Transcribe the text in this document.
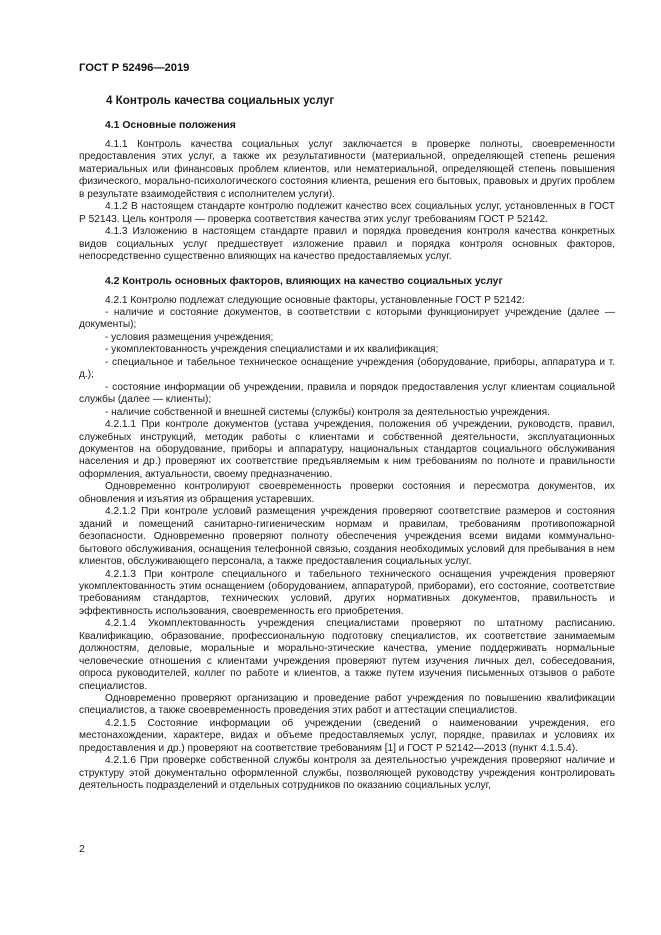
ГОСТ Р 52496—2019
4 Контроль качества социальных услуг
4.1 Основные положения

4.1.1 Контроль качества социальных услуг заключается в проверке полноты, своевременности предоставления этих услуг, а также их результативности (материальной, определяющей степень решения материальных или финансовых проблем клиентов, или нематериальной, определяющей степень повышения физического, морально-психологического состояния клиента, решения его бытовых, правовых и других проблем в результате взаимодействия с исполнителем услуги).

4.1.2 В настоящем стандарте контролю подлежит качество всех социальных услуг, установленных в ГОСТ Р 52143. Цель контроля — проверка соответствия качества этих услуг требованиям ГОСТ Р 52142.

4.1.3 Изложению в настоящем стандарте правил и порядка проведения контроля качества конкретных видов социальных услуг предшествует изложение правил и порядка контроля основных факторов, непосредственно существенно влияющих на качество предоставляемых услуг.

4.2 Контроль основных факторов, влияющих на качество социальных услуг

4.2.1 Контролю подлежат следующие основные факторы, установленные ГОСТ Р 52142:

- наличие и состояние документов, в соответствии с которыми функционирует учреждение (далее — документы);

- условия размещения учреждения;

- укомплектованность учреждения специалистами и их квалификация;

- специальное и табельное техническое оснащение учреждения (оборудование, приборы, аппаратура и т. д.);

- состояние информации об учреждении, правила и порядок предоставления услуг клиентам социальной службы (далее — клиенты);

- наличие собственной и внешней системы (службы) контроля за деятельностью учреждения.

4.2.1.1 При контроле документов (устава учреждения, положения об учреждении, руководств, правил, служебных инструкций, методик работы с клиентами и собственной деятельности, эксплуатационных документов на оборудование, приборы и аппаратуру, национальных стандартов социального обслуживания населения и др.) проверяют их соответствие предъявляемым к ним требованиям по полноте и правильности оформления, актуальности, своему предназначению.

Одновременно контролируют своевременность проверки состояния и пересмотра документов, их обновления и изъятия из обращения устаревших.

4.2.1.2 При контроле условий размещения учреждения проверяют соответствие размеров и состояния зданий и помещений санитарно-гигиеническим нормам и правилам, требованиям противопожарной безопасности. Одновременно проверяют полноту обеспечения учреждения всеми видами коммунально-бытового обслуживания, оснащения телефонной связью, создания необходимых условий для пребывания в нем клиентов, обслуживающего персонала, а также предоставления социальных услуг.

4.2.1.3 При контроле специального и табельного технического оснащения учреждения проверяют укомплектованность этим оснащением (оборудованием, аппаратурой, приборами), его состояние, соответствие требованиям стандартов, технических условий, других нормативных документов, правильность и эффективность использования, своевременность его приобретения.

4.2.1.4 Укомплектованность учреждения специалистами проверяют по штатному расписанию. Квалификацию, образование, профессиональную подготовку специалистов, их соответствие занимаемым должностям, деловые, моральные и морально-этические качества, умение поддерживать нормальные человеческие отношения с клиентами учреждения проверяют путем изучения личных дел, собеседования, опроса руководителей, коллег по работе и клиентов, а также путем изучения письменных отзывов о работе специалистов.

Одновременно проверяют организацию и проведение работ учреждения по повышению квалификации специалистов, а также своевременность проведения этих работ и аттестации специалистов.

4.2.1.5 Состояние информации об учреждении (сведений о наименовании учреждения, его местонахождении, характере, видах и объеме предоставляемых услуг, порядке, правилах и условиях их предоставления и др.) проверяют на соответствие требованиям [1] и ГОСТ Р 52142—2013 (пункт 4.1.5.4).

4.2.1.6 При проверке собственной службы контроля за деятельностью учреждения проверяют наличие и структуру этой документально оформленной службы, позволяющей руководству учреждения контролировать деятельность подразделений и отдельных сотрудников по оказанию социальных услуг,

2
